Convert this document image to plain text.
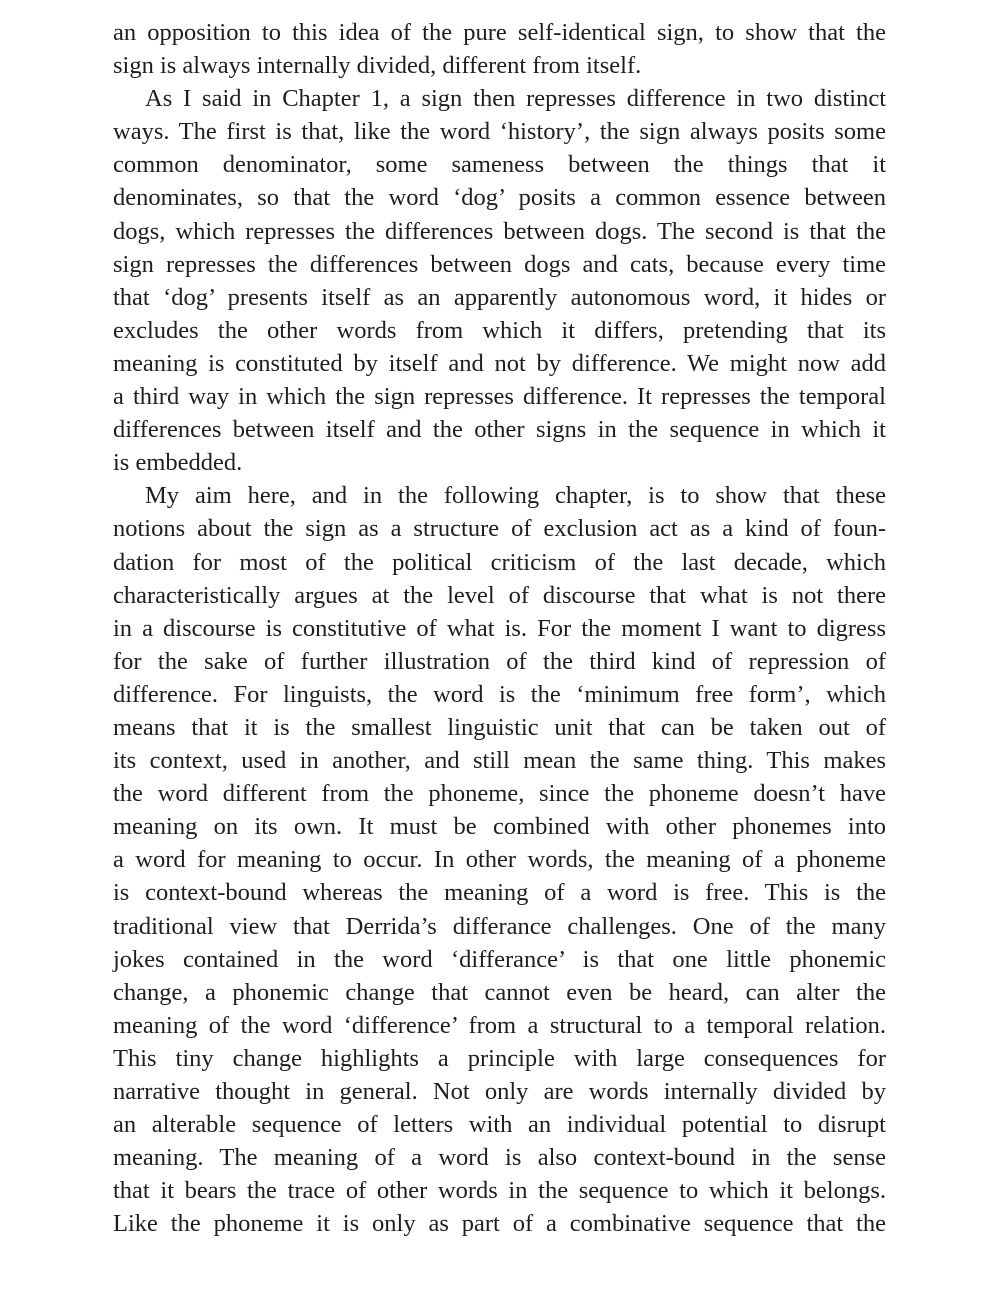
an opposition to this idea of the pure self-identical sign, to show that the
sign is always internally divided, different from itself.
As I said in Chapter 1, a sign then represses difference in two distinct
ways. The first is that, like the word ‘history’, the sign always posits some
common denominator, some sameness between the things that it
denominates, so that the word ‘dog’ posits a common essence between
dogs, which represses the differences between dogs. The second is that the
sign represses the differences between dogs and cats, because every time
that ‘dog’ presents itself as an apparently autonomous word, it hides or
excludes the other words from which it differs, pretending that its
meaning is constituted by itself and not by difference. We might now add
a third way in which the sign represses difference. It represses the temporal
differences between itself and the other signs in the sequence in which it
is embedded.
My aim here, and in the following chapter, is to show that these
notions about the sign as a structure of exclusion act as a kind of foun-
dation for most of the political criticism of the last decade, which
characteristically argues at the level of discourse that what is not there
in a discourse is constitutive of what is. For the moment I want to digress
for the sake of further illustration of the third kind of repression of
difference. For linguists, the word is the ‘minimum free form’, which
means that it is the smallest linguistic unit that can be taken out of
its context, used in another, and still mean the same thing. This makes
the word different from the phoneme, since the phoneme doesn’t have
meaning on its own. It must be combined with other phonemes into
a word for meaning to occur. In other words, the meaning of a phoneme
is context-bound whereas the meaning of a word is free. This is the
traditional view that Derrida’s differance challenges. One of the many
jokes contained in the word ‘differance’ is that one little phonemic
change, a phonemic change that cannot even be heard, can alter the
meaning of the word ‘difference’ from a structural to a temporal relation.
This tiny change highlights a principle with large consequences for
narrative thought in general. Not only are words internally divided by
an alterable sequence of letters with an individual potential to disrupt
meaning. The meaning of a word is also context-bound in the sense
that it bears the trace of other words in the sequence to which it belongs.
Like the phoneme it is only as part of a combinative sequence that the
